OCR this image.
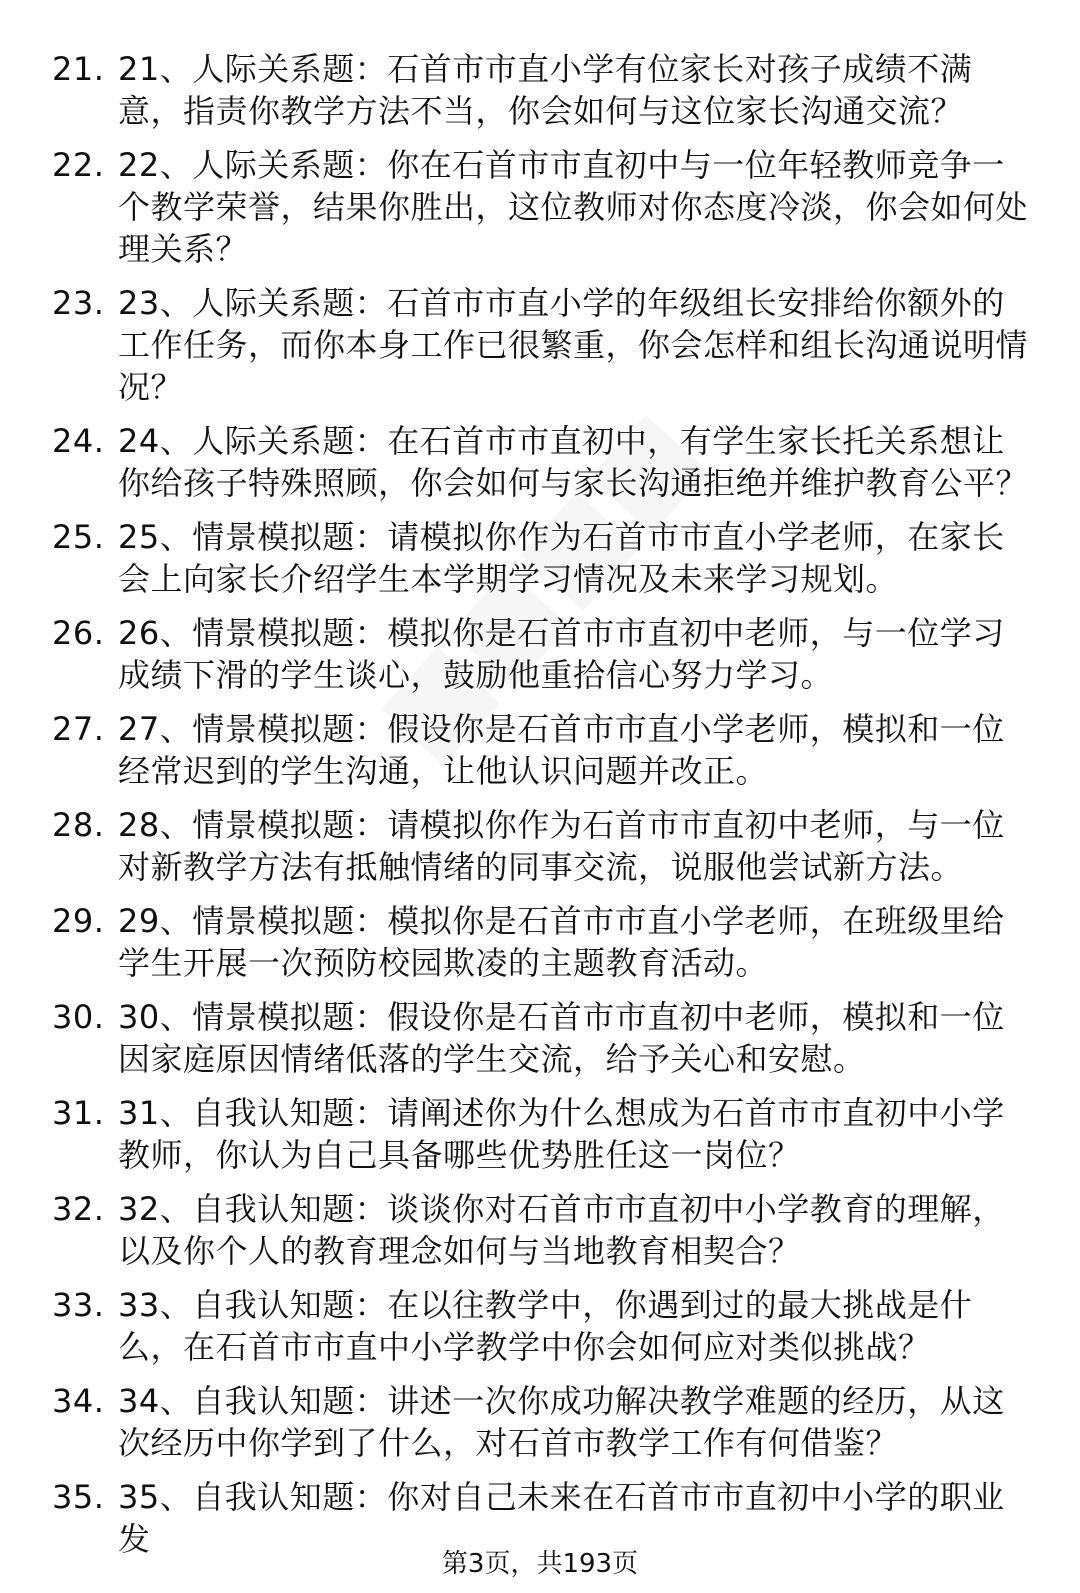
21. 21、人际关系题：石首市市直小学有位家长对孩子成绩不满意，指责你教学方法不当，你会如何与这位家长沟通交流？
22. 22、人际关系题：你在石首市市直初中与一位年轻教师竞争一个教学荣誉，结果你胜出，这位教师对你态度冷淡，你会如何处理关系？
23. 23、人际关系题：石首市市直小学的年级组长安排给你额外的工作任务，而你本身工作已很繁重，你会怎样和组长沟通说明情况？
24. 24、人际关系题：在石首市市直初中，有学生家长托关系想让你给孩子特殊照顾，你会如何与家长沟通拒绝并维护教育公平？
25. 25、情景模拟题：请模拟你作为石首市市直小学老师，在家长会上向家长介绍学生本学期学习情况及未来学习规划。
26. 26、情景模拟题：模拟你是石首市市直初中老师，与一位学习成绩下滑的学生谈心，鼓励他重拾信心努力学习。
27. 27、情景模拟题：假设你是石首市市直小学老师，模拟和一位经常迟到的学生沟通，让他认识问题并改正。
28. 28、情景模拟题：请模拟你作为石首市市直初中老师，与一位对新教学方法有抵触情绪的同事交流，说服他尝试新方法。
29. 29、情景模拟题：模拟你是石首市市直小学老师，在班级里给学生开展一次预防校园欺凌的主题教育活动。
30. 30、情景模拟题：假设你是石首市市直初中老师，模拟和一位因家庭原因情绪低落的学生交流，给予关心和安慰。
31. 31、自我认知题：请阐述你为什么想成为石首市市直初中小学教师，你认为自己具备哪些优势胜任这一岗位？
32. 32、自我认知题：谈谈你对石首市市直初中小学教育的理解，以及你个人的教育理念如何与当地教育相契合？
33. 33、自我认知题：在以往教学中，你遇到过的最大挑战是什么，在石首市市直中小学教学中你会如何应对类似挑战？
34. 34、自我认知题：讲述一次你成功解决教学难题的经历，从这次经历中你学到了什么，对石首市教学工作有何借鉴？
35. 35、自我认知题：你对自己未来在石首市市直初中小学的职业发
第3页，共193页
